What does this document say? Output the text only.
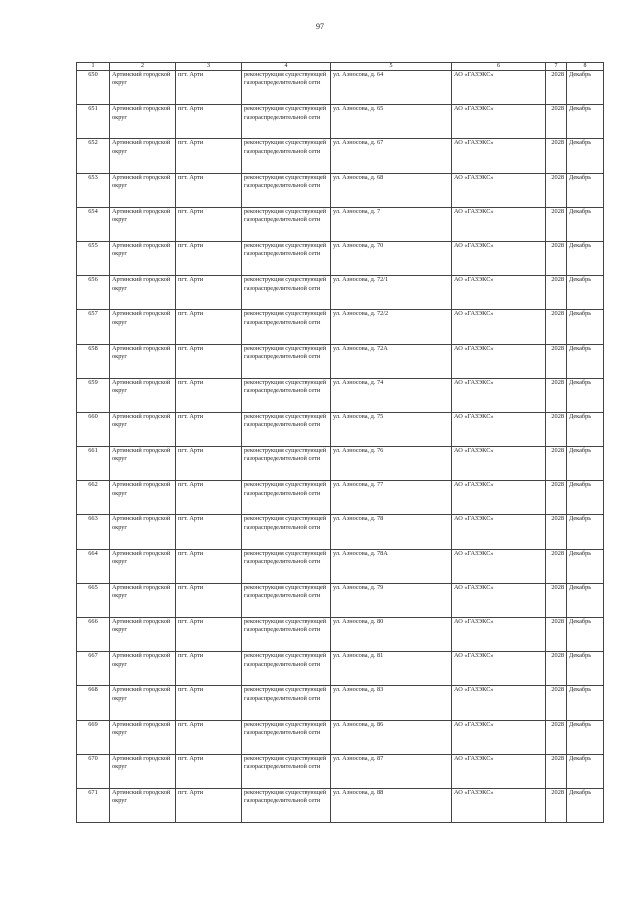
97
1	2	3	4	5	6	7	8
650	Артинский городской округ	пгт. Арти	реконструкция существующей газораспределительной сети	ул. Азносова, д. 64	АО «ГАЗЭКС»	2028	Декабрь
651	Артинский городской округ	пгт. Арти	реконструкция существующей газораспределительной сети	ул. Азносова, д. 65	АО «ГАЗЭКС»	2028	Декабрь
652	Артинский городской округ	пгт. Арти	реконструкция существующей газораспределительной сети	ул. Азносова, д. 67	АО «ГАЗЭКС»	2028	Декабрь
653	Артинский городской округ	пгт. Арти	реконструкция существующей газораспределительной сети	ул. Азносова, д. 68	АО «ГАЗЭКС»	2028	Декабрь
654	Артинский городской округ	пгт. Арти	реконструкция существующей газораспределительной сети	ул. Азносова, д. 7	АО «ГАЗЭКС»	2028	Декабрь
655	Артинский городской округ	пгт. Арти	реконструкция существующей газораспределительной сети	ул. Азносова, д. 70	АО «ГАЗЭКС»	2028	Декабрь
656	Артинский городской округ	пгт. Арти	реконструкция существующей газораспределительной сети	ул. Азносова, д. 72/1	АО «ГАЗЭКС»	2028	Декабрь
657	Артинский городской округ	пгт. Арти	реконструкция существующей газораспределительной сети	ул. Азносова, д. 72/2	АО «ГАЗЭКС»	2028	Декабрь
658	Артинский городской округ	пгт. Арти	реконструкция существующей газораспределительной сети	ул. Азносова, д. 72А	АО «ГАЗЭКС»	2028	Декабрь
659	Артинский городской округ	пгт. Арти	реконструкция существующей газораспределительной сети	ул. Азносова, д. 74	АО «ГАЗЭКС»	2028	Декабрь
660	Артинский городской округ	пгт. Арти	реконструкция существующей газораспределительной сети	ул. Азносова, д. 75	АО «ГАЗЭКС»	2028	Декабрь
661	Артинский городской округ	пгт. Арти	реконструкция существующей газораспределительной сети	ул. Азносова, д. 76	АО «ГАЗЭКС»	2028	Декабрь
662	Артинский городской округ	пгт. Арти	реконструкция существующей газораспределительной сети	ул. Азносова, д. 77	АО «ГАЗЭКС»	2028	Декабрь
663	Артинский городской округ	пгт. Арти	реконструкция существующей газораспределительной сети	ул. Азносова, д. 78	АО «ГАЗЭКС»	2028	Декабрь
664	Артинский городской округ	пгт. Арти	реконструкция существующей газораспределительной сети	ул. Азносова, д. 78А	АО «ГАЗЭКС»	2028	Декабрь
665	Артинский городской округ	пгт. Арти	реконструкция существующей газораспределительной сети	ул. Азносова, д. 79	АО «ГАЗЭКС»	2028	Декабрь
666	Артинский городской округ	пгт. Арти	реконструкция существующей газораспределительной сети	ул. Азносова, д. 80	АО «ГАЗЭКС»	2028	Декабрь
667	Артинский городской округ	пгт. Арти	реконструкция существующей газораспределительной сети	ул. Азносова, д. 81	АО «ГАЗЭКС»	2028	Декабрь
668	Артинский городской округ	пгт. Арти	реконструкция существующей газораспределительной сети	ул. Азносова, д. 83	АО «ГАЗЭКС»	2028	Декабрь
669	Артинский городской округ	пгт. Арти	реконструкция существующей газораспределительной сети	ул. Азносова, д. 86	АО «ГАЗЭКС»	2028	Декабрь
670	Артинский городской округ	пгт. Арти	реконструкция существующей газораспределительной сети	ул. Азносова, д. 87	АО «ГАЗЭКС»	2028	Декабрь
671	Артинский городской округ	пгт. Арти	реконструкция существующей газораспределительной сети	ул. Азносова, д. 88	АО «ГАЗЭКС»	2028	Декабрь
